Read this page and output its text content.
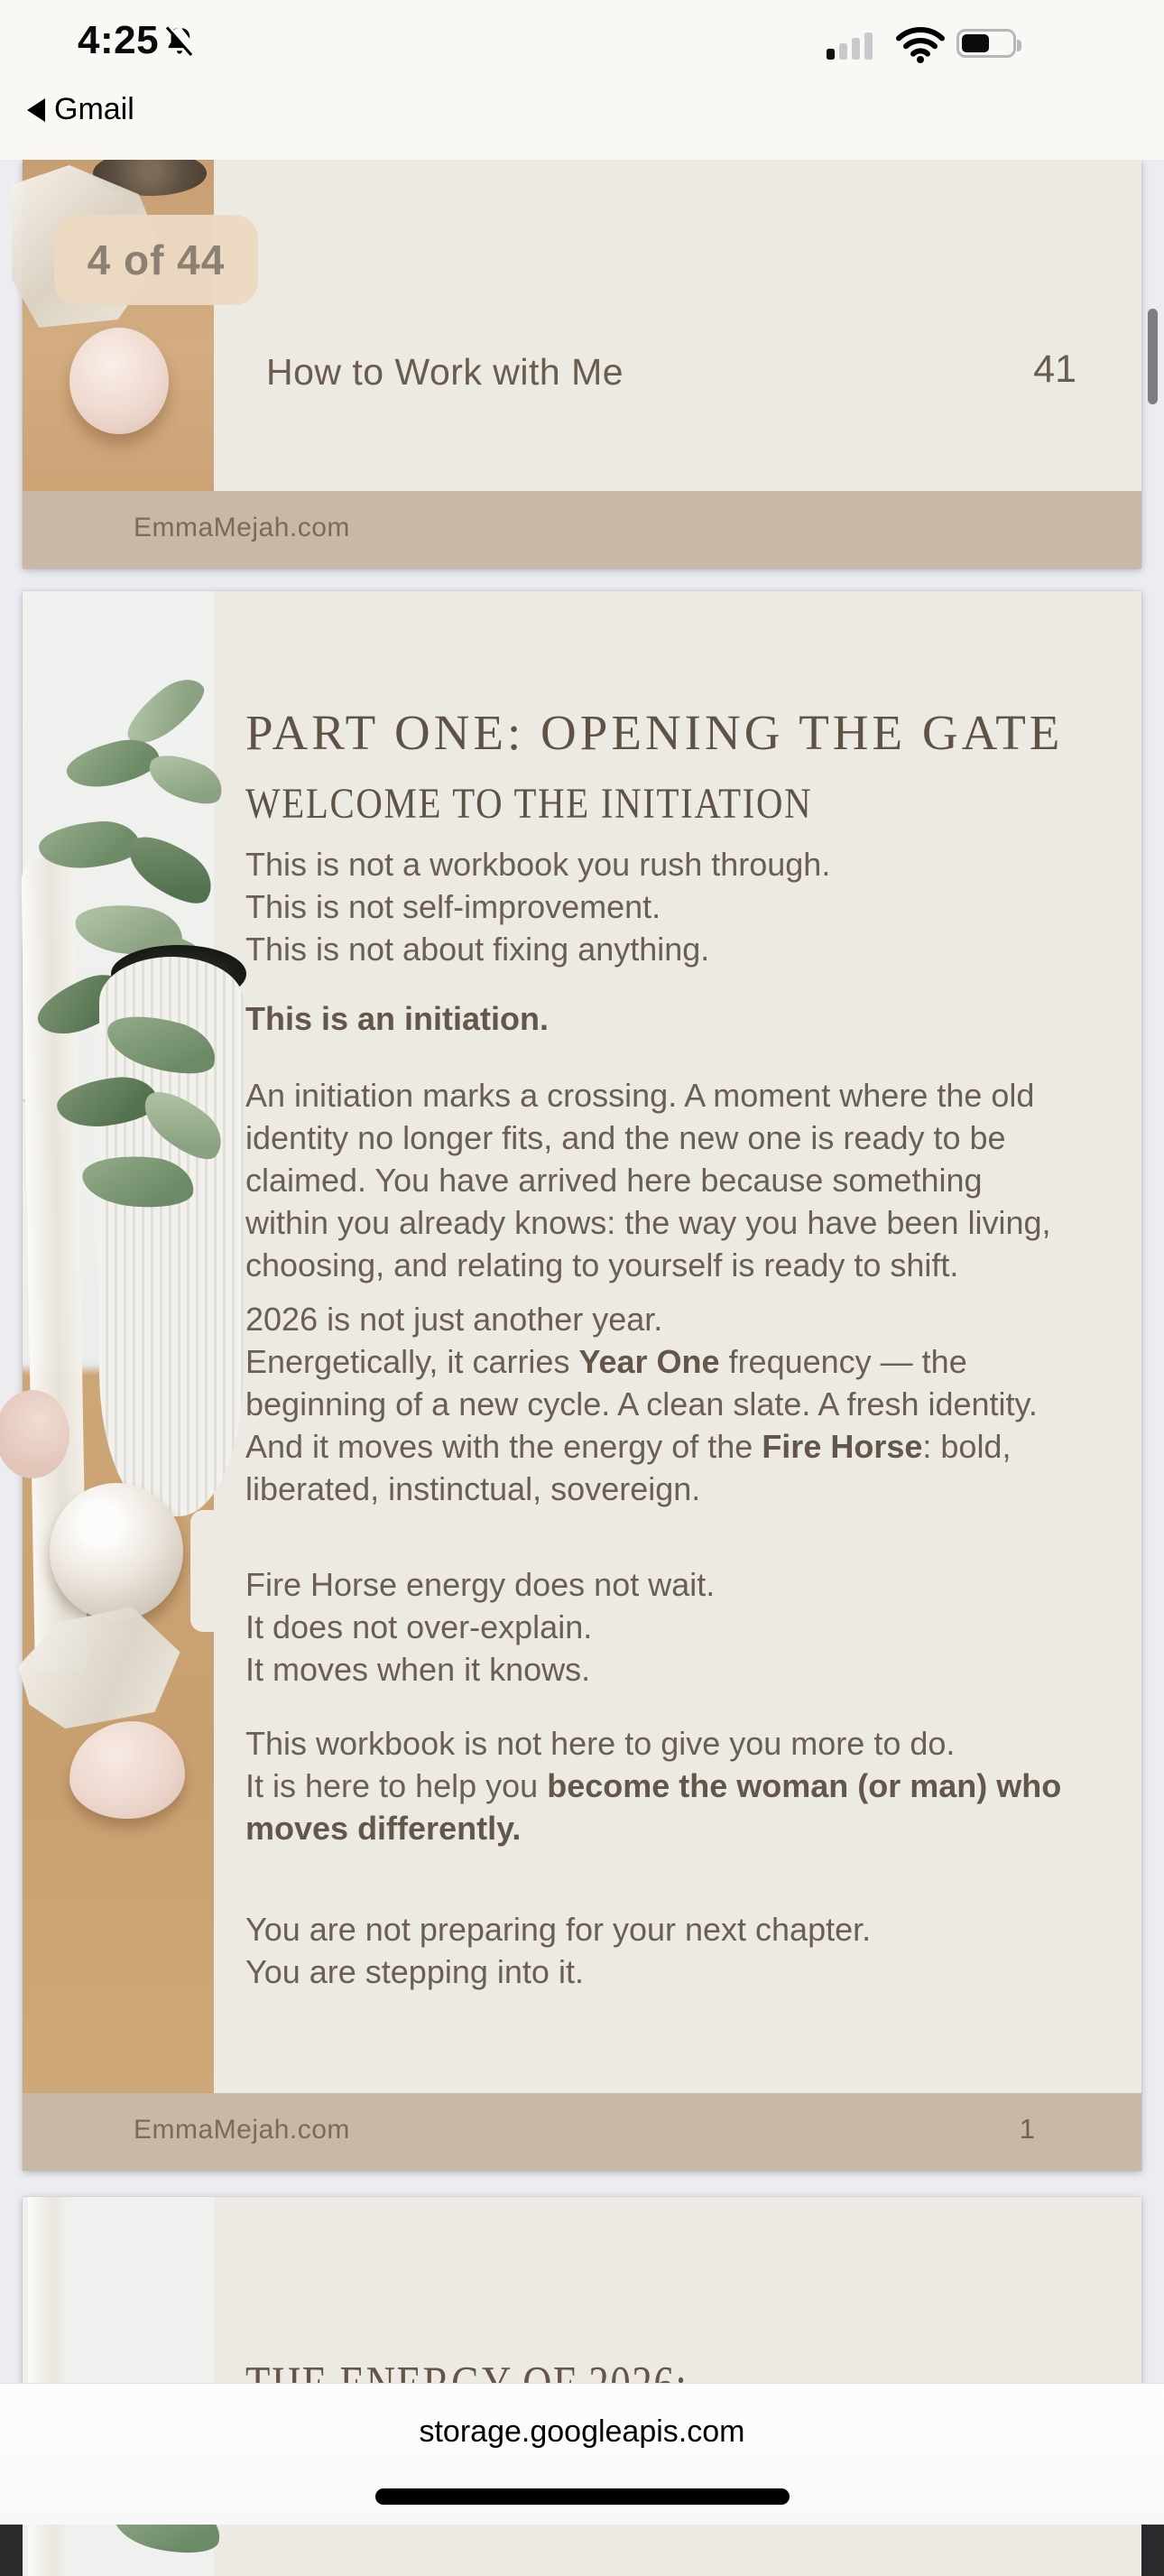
4:25
Gmail
How to Work with Me	41
EmmaMejah.com
4 of 44
PART ONE: OPENING THE GATE
WELCOME TO THE INITIATION
This is not a workbook you rush through.
This is not self-improvement.
This is not about fixing anything.
This is an initiation.
An initiation marks a crossing. A moment where the old
identity no longer fits, and the new one is ready to be
claimed. You have arrived here because something
within you already knows: the way you have been living,
choosing, and relating to yourself is ready to shift.
2026 is not just another year.
Energetically, it carries Year One frequency — the
beginning of a new cycle. A clean slate. A fresh identity.
And it moves with the energy of the Fire Horse: bold,
liberated, instinctual, sovereign.
Fire Horse energy does not wait.
It does not over-explain.
It moves when it knows.
This workbook is not here to give you more to do.
It is here to help you become the woman (or man) who
moves differently.
You are not preparing for your next chapter.
You are stepping into it.
EmmaMejah.com	1
storage.googleapis.com
